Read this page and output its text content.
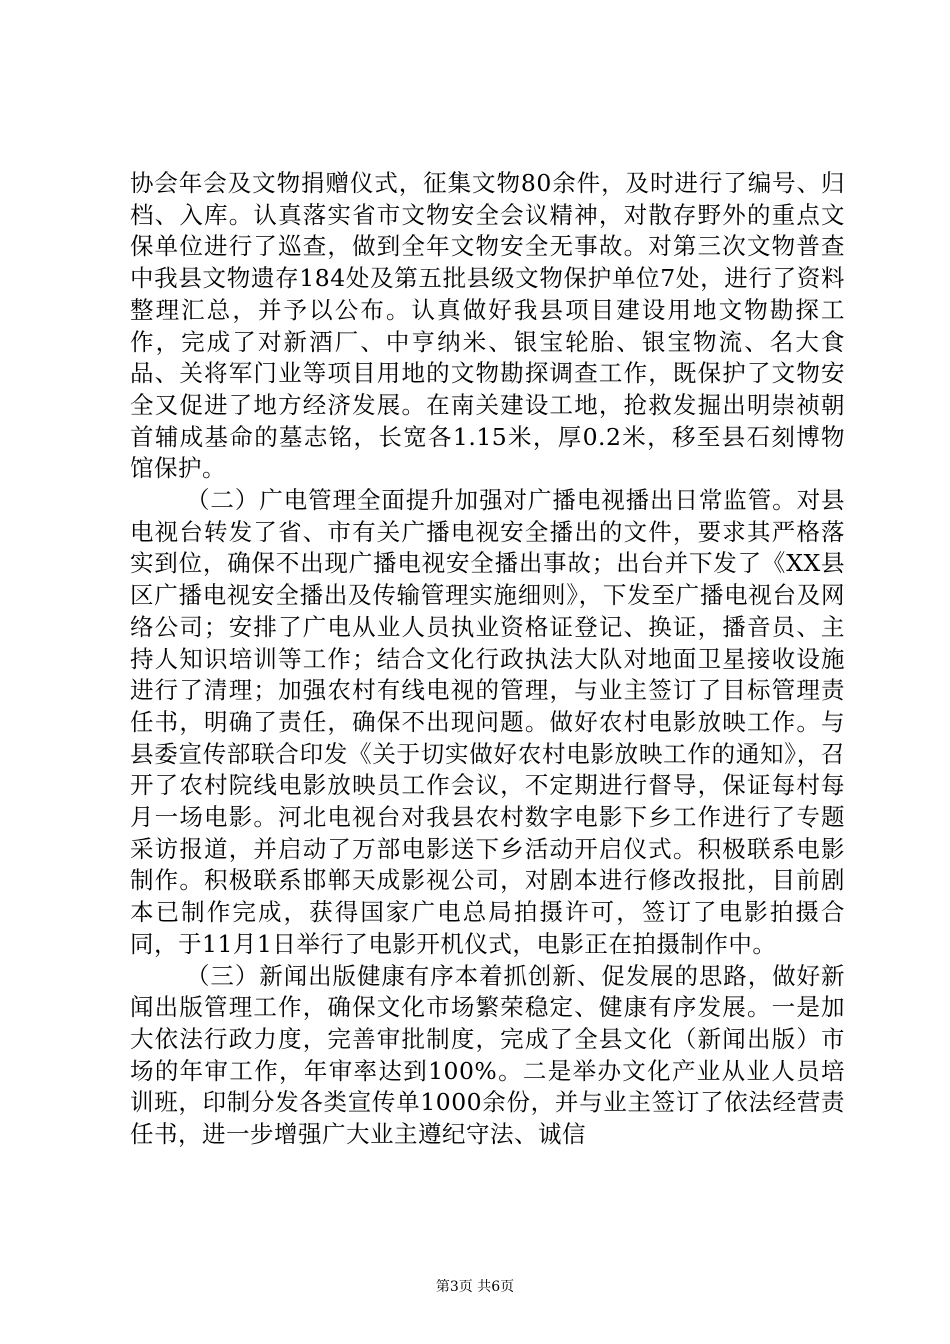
协会年会及文物捐赠仪式，征集文物80余件，及时进行了编号、归档、入库。认真落实省市文物安全会议精神，对散存野外的重点文保单位进行了巡查，做到全年文物安全无事故。对第三次文物普查中我县文物遗存184处及第五批县级文物保护单位7处，进行了资料整理汇总，并予以公布。认真做好我县项目建设用地文物勘探工作，完成了对新酒厂、中亨纳米、银宝轮胎、银宝物流、名大食品、关将军门业等项目用地的文物勘探调查工作，既保护了文物安全又促进了地方经济发展。在南关建设工地，抢救发掘出明崇祯朝首辅成基命的墓志铭，长宽各1.15米，厚0.2米，移至县石刻博物馆保护。

（二）广电管理全面提升加强对广播电视播出日常监管。对县电视台转发了省、市有关广播电视安全播出的文件，要求其严格落实到位，确保不出现广播电视安全播出事故；出台并下发了《XX县区广播电视安全播出及传输管理实施细则》，下发至广播电视台及网络公司；安排了广电从业人员执业资格证登记、换证，播音员、主持人知识培训等工作；结合文化行政执法大队对地面卫星接收设施进行了清理；加强农村有线电视的管理，与业主签订了目标管理责任书，明确了责任，确保不出现问题。做好农村电影放映工作。与县委宣传部联合印发《关于切实做好农村电影放映工作的通知》，召开了农村院线电影放映员工作会议，不定期进行督导，保证每村每月一场电影。河北电视台对我县农村数字电影下乡工作进行了专题采访报道，并启动了万部电影送下乡活动开启仪式。积极联系电影制作。积极联系邯郸天成影视公司，对剧本进行修改报批，目前剧本已制作完成，获得国家广电总局拍摄许可，签订了电影拍摄合同，于11月1日举行了电影开机仪式，电影正在拍摄制作中。

（三）新闻出版健康有序本着抓创新、促发展的思路，做好新闻出版管理工作，确保文化市场繁荣稳定、健康有序发展。一是加大依法行政力度，完善审批制度，完成了全县文化（新闻出版）市场的年审工作，年审率达到100%。二是举办文化产业从业人员培训班，印制分发各类宣传单1000余份，并与业主签订了依法经营责任书，进一步增强广大业主遵纪守法、诚信

第3页 共6页
